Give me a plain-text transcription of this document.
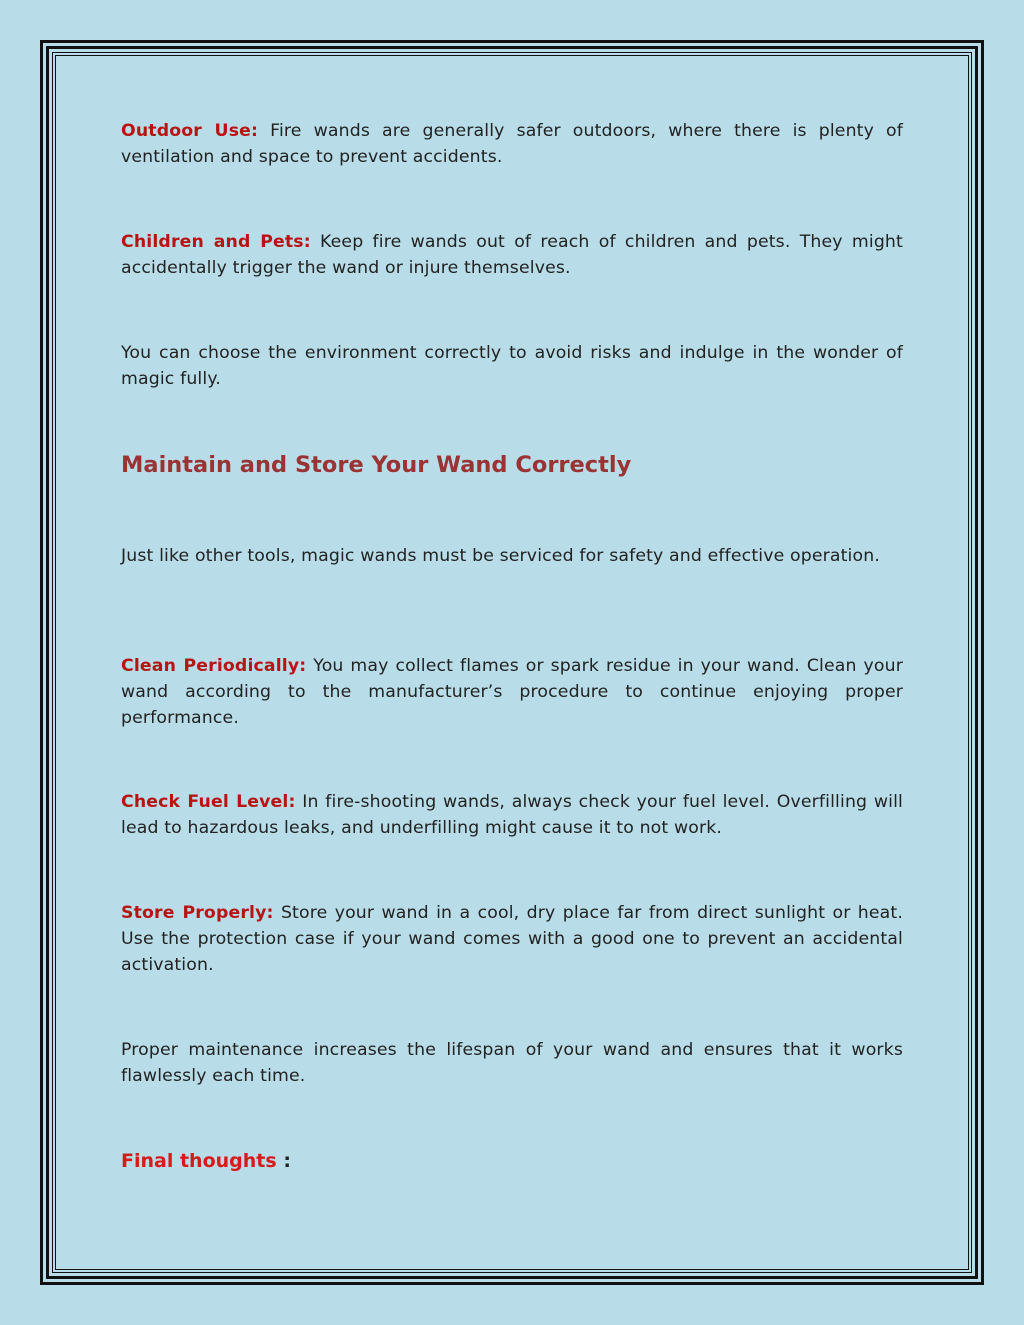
Outdoor Use: Fire wands are generally safer outdoors, where there is plenty of ventilation and space to prevent accidents.

Children and Pets: Keep fire wands out of reach of children and pets. They might accidentally trigger the wand or injure themselves.

You can choose the environment correctly to avoid risks and indulge in the wonder of magic fully.

Maintain and Store Your Wand Correctly

Just like other tools, magic wands must be serviced for safety and effective operation.

Clean Periodically: You may collect flames or spark residue in your wand. Clean your wand according to the manufacturer’s procedure to continue enjoying proper performance.

Check Fuel Level: In fire-shooting wands, always check your fuel level. Overfilling will lead to hazardous leaks, and underfilling might cause it to not work.

Store Properly: Store your wand in a cool, dry place far from direct sunlight or heat. Use the protection case if your wand comes with a good one to prevent an accidental activation.

Proper maintenance increases the lifespan of your wand and ensures that it works flawlessly each time.

Final thoughts :
